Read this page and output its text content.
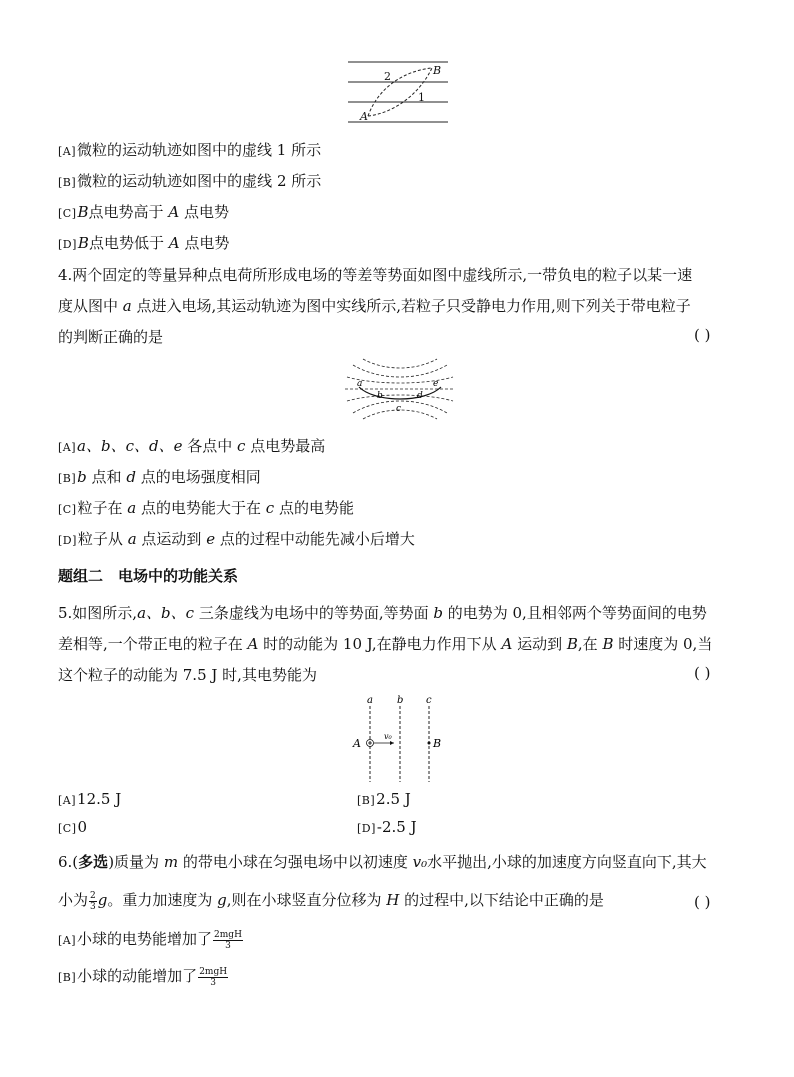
2
1
A
B
[A]微粒的运动轨迹如图中的虚线 1 所示
[B]微粒的运动轨迹如图中的虚线 2 所示
[C]B点电势高于 A 点电势
[D]B点电势低于 A 点电势
4.两个固定的等量异种点电荷所形成电场的等差等势面如图中虚线所示,一带负电的粒子以某一速
度从图中 a 点进入电场,其运动轨迹为图中实线所示,若粒子只受静电力作用,则下列关于带电粒子
的判断正确的是	( )
a
b
c
d
e
[A]a、b、c、d、e 各点中 c 点电势最高
[B]b 点和 d 点的电场强度相同
[C]粒子在 a 点的电势能大于在 c 点的电势能
[D]粒子从 a 点运动到 e 点的过程中动能先减小后增大
题组二　电场中的功能关系
5.如图所示,a、b、c 三条虚线为电场中的等势面,等势面 b 的电势为 0,且相邻两个等势面间的电势
差相等,一个带正电的粒子在 A 时的动能为 10 J,在静电力作用下从 A 运动到 B,在 B 时速度为 0,当
这个粒子的动能为 7.5 J 时,其电势能为	( )
a b c
v₀
A	B
[A]12.5 J	[B]2.5 J
[C]0	[D]-2.5 J
6.(多选)质量为 m 的带电小球在匀强电场中以初速度 v₀水平抛出,小球的加速度方向竖直向下,其大
小为 $\frac{2}{3}$ g。重力加速度为 g,则在小球竖直分位移为 H 的过程中,以下结论中正确的是	( )
[A]小球的电势能增加了 $\frac{\text{2mgH}}{3}$
[B]小球的动能增加了 $\frac{\text{2mgH}}{3}$
